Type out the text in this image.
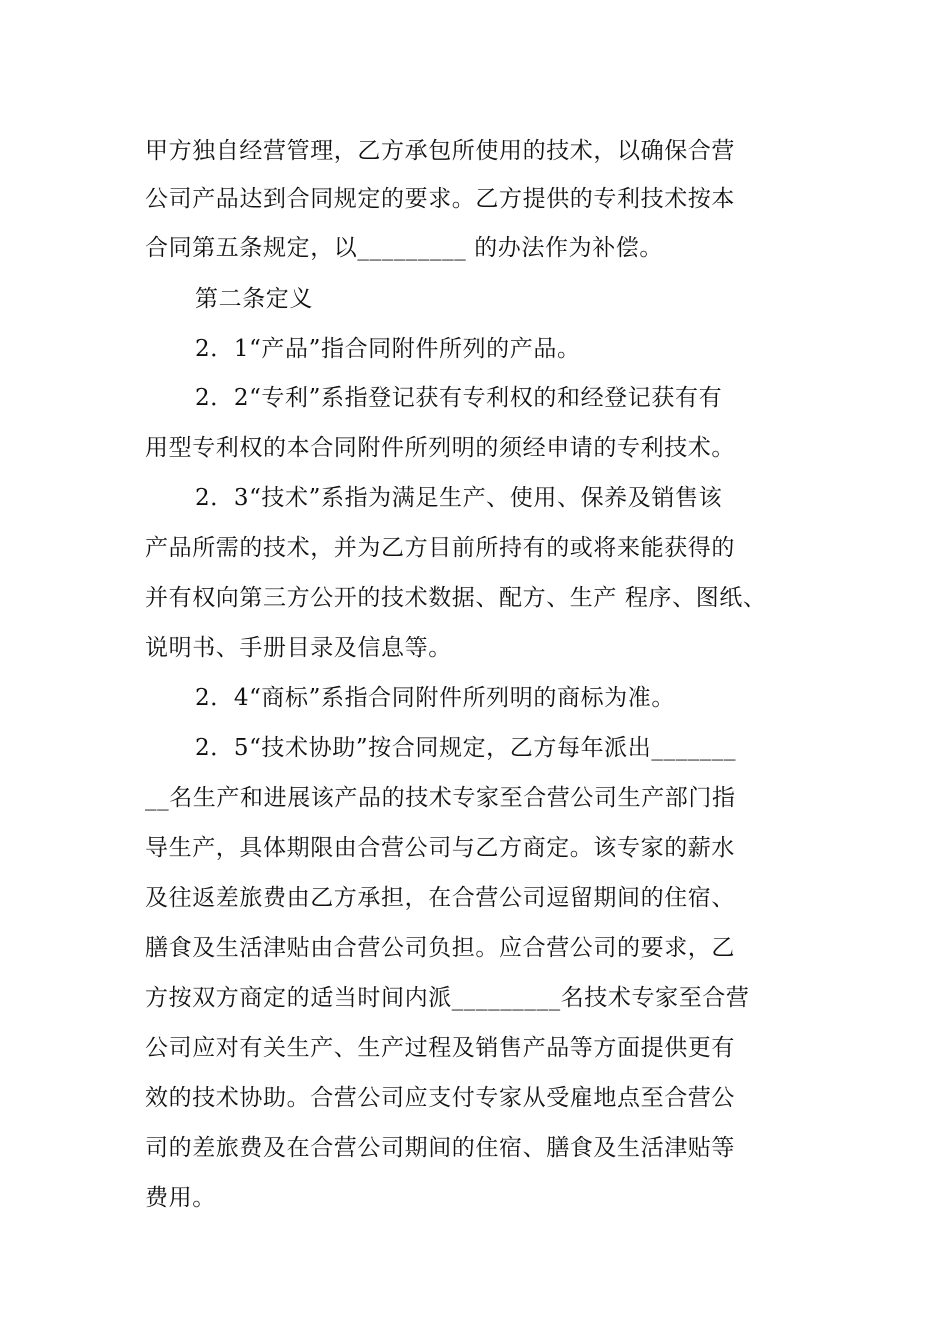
甲方独自经营管理，乙方承包所使用的技术，以确保合营
公司产品达到合同规定的要求。乙方提供的专利技术按本
合同第五条规定，以_________ 的办法作为补偿。
第二条定义
2．1“产品”指合同附件所列的产品。
2．2“专利”系指登记获有专利权的和经登记获有有
用型专利权的本合同附件所列明的须经申请的专利技术。
2．3“技术”系指为满足生产、使用、保养及销售该
产品所需的技术，并为乙方目前所持有的或将来能获得的
并有权向第三方公开的技术数据、配方、生产 程序、图纸、
说明书、手册目录及信息等。
2．4“商标”系指合同附件所列明的商标为准。
2．5“技术协助”按合同规定，乙方每年派出_______
__名生产和进展该产品的技术专家至合营公司生产部门指
导生产，具体期限由合营公司与乙方商定。该专家的薪水
及往返差旅费由乙方承担，在合营公司逗留期间的住宿、
膳食及生活津贴由合营公司负担。应合营公司的要求，乙
方按双方商定的适当时间内派_________名技术专家至合营
公司应对有关生产、生产过程及销售产品等方面提供更有
效的技术协助。合营公司应支付专家从受雇地点至合营公
司的差旅费及在合营公司期间的住宿、膳食及生活津贴等
费用。
